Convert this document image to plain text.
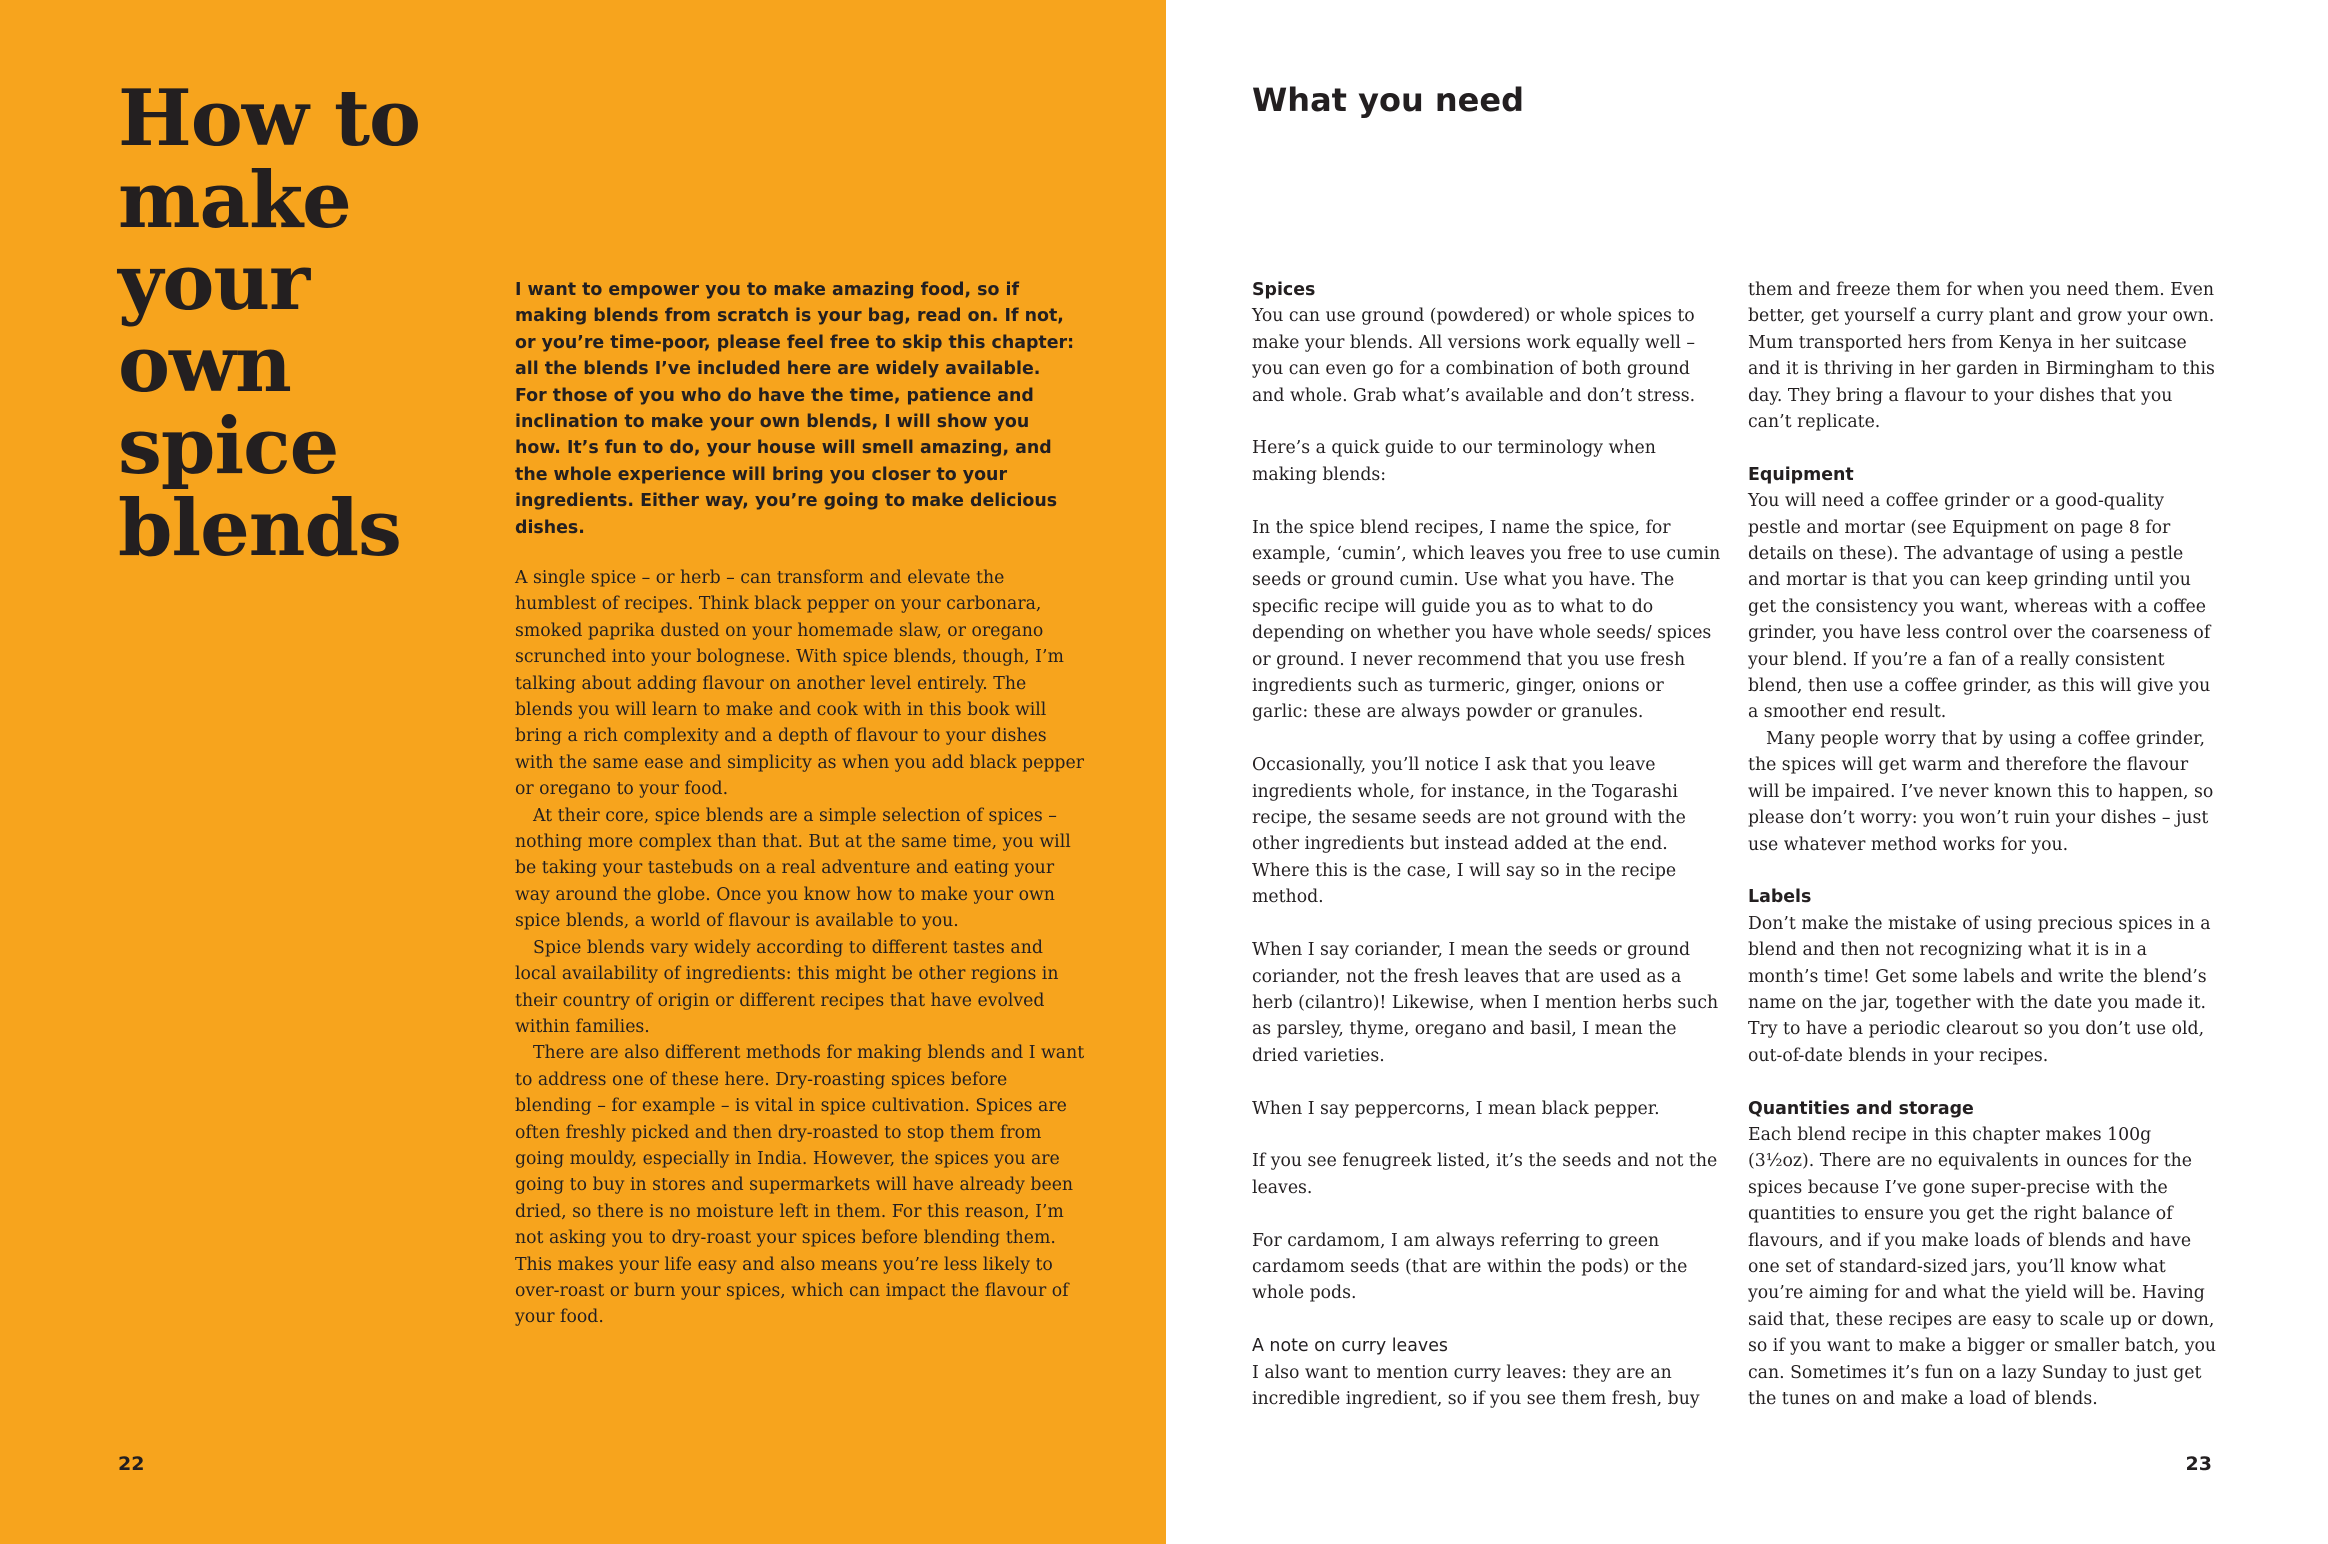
How to
make
your
own
spice
blends

I want to empower you to make amazing food, so if making blends from scratch is your bag, read on. If not, or you’re time-poor, please feel free to skip this chapter: all the blends I’ve included here are widely available. For those of you who do have the time, patience and inclination to make your own blends, I will show you how. It’s fun to do, your house will smell amazing, and the whole experience will bring you closer to your ingredients. Either way, you’re going to make delicious dishes.

A single spice – or herb – can transform and elevate the humblest of recipes. Think black pepper on your carbonara, smoked paprika dusted on your homemade slaw, or oregano scrunched into your bolognese. With spice blends, though, I’m talking about adding flavour on another level entirely. The blends you will learn to make and cook with in this book will bring a rich complexity and a depth of flavour to your dishes with the same ease and simplicity as when you add black pepper or oregano to your food.

At their core, spice blends are a simple selection of spices – nothing more complex than that. But at the same time, you will be taking your tastebuds on a real adventure and eating your way around the globe. Once you know how to make your own spice blends, a world of flavour is available to you.

Spice blends vary widely according to different tastes and local availability of ingredients: this might be other regions in their country of origin or different recipes that have evolved within families.

There are also different methods for making blends and I want to address one of these here. Dry-roasting spices before blending – for example – is vital in spice cultivation. Spices are often freshly picked and then dry-roasted to stop them from going mouldy, especially in India. However, the spices you are going to buy in stores and supermarkets will have already been dried, so there is no moisture left in them. For this reason, I’m not asking you to dry-roast your spices before blending them. This makes your life easy and also means you’re less likely to over-roast or burn your spices, which can impact the flavour of your food.

22
What you need
Spices

You can use ground (powdered) or whole spices to make your blends. All versions work equally well – you can even go for a combination of both ground and whole. Grab what’s available and don’t stress.

Here’s a quick guide to our terminology when making blends:

In the spice blend recipes, I name the spice, for example, ‘cumin’, which leaves you free to use cumin seeds or ground cumin. Use what you have. The specific recipe will guide you as to what to do depending on whether you have whole seeds/ spices or ground. I never recommend that you use fresh ingredients such as turmeric, ginger, onions or garlic: these are always powder or granules.

Occasionally, you’ll notice I ask that you leave ingredients whole, for instance, in the Togarashi recipe, the sesame seeds are not ground with the other ingredients but instead added at the end. Where this is the case, I will say so in the recipe method.

When I say coriander, I mean the seeds or ground coriander, not the fresh leaves that are used as a herb (cilantro)! Likewise, when I mention herbs such as parsley, thyme, oregano and basil, I mean the dried varieties.

When I say peppercorns, I mean black pepper.

If you see fenugreek listed, it’s the seeds and not the leaves.

For cardamom, I am always referring to green cardamom seeds (that are within the pods) or the whole pods.

A note on curry leaves

I also want to mention curry leaves: they are an incredible ingredient, so if you see them fresh, buy

them and freeze them for when you need them. Even better, get yourself a curry plant and grow your own. Mum transported hers from Kenya in her suitcase and it is thriving in her garden in Birmingham to this day. They bring a flavour to your dishes that you can’t replicate.

Equipment

You will need a coffee grinder or a good-quality pestle and mortar (see Equipment on page 8 for details on these). The advantage of using a pestle and mortar is that you can keep grinding until you get the consistency you want, whereas with a coffee grinder, you have less control over the coarseness of your blend. If you’re a fan of a really consistent blend, then use a coffee grinder, as this will give you a smoother end result.

Many people worry that by using a coffee grinder, the spices will get warm and therefore the flavour will be impaired. I’ve never known this to happen, so please don’t worry: you won’t ruin your dishes – just use whatever method works for you.

Labels

Don’t make the mistake of using precious spices in a blend and then not recognizing what it is in a month’s time! Get some labels and write the blend’s name on the jar, together with the date you made it. Try to have a periodic clearout so you don’t use old, out-of-date blends in your recipes.

Quantities and storage

Each blend recipe in this chapter makes 100g (3½oz). There are no equivalents in ounces for the spices because I’ve gone super-precise with the quantities to ensure you get the right balance of flavours, and if you make loads of blends and have one set of standard-sized jars, you’ll know what you’re aiming for and what the yield will be. Having said that, these recipes are easy to scale up or down, so if you want to make a bigger or smaller batch, you can. Sometimes it’s fun on a lazy Sunday to just get the tunes on and make a load of blends.

23
